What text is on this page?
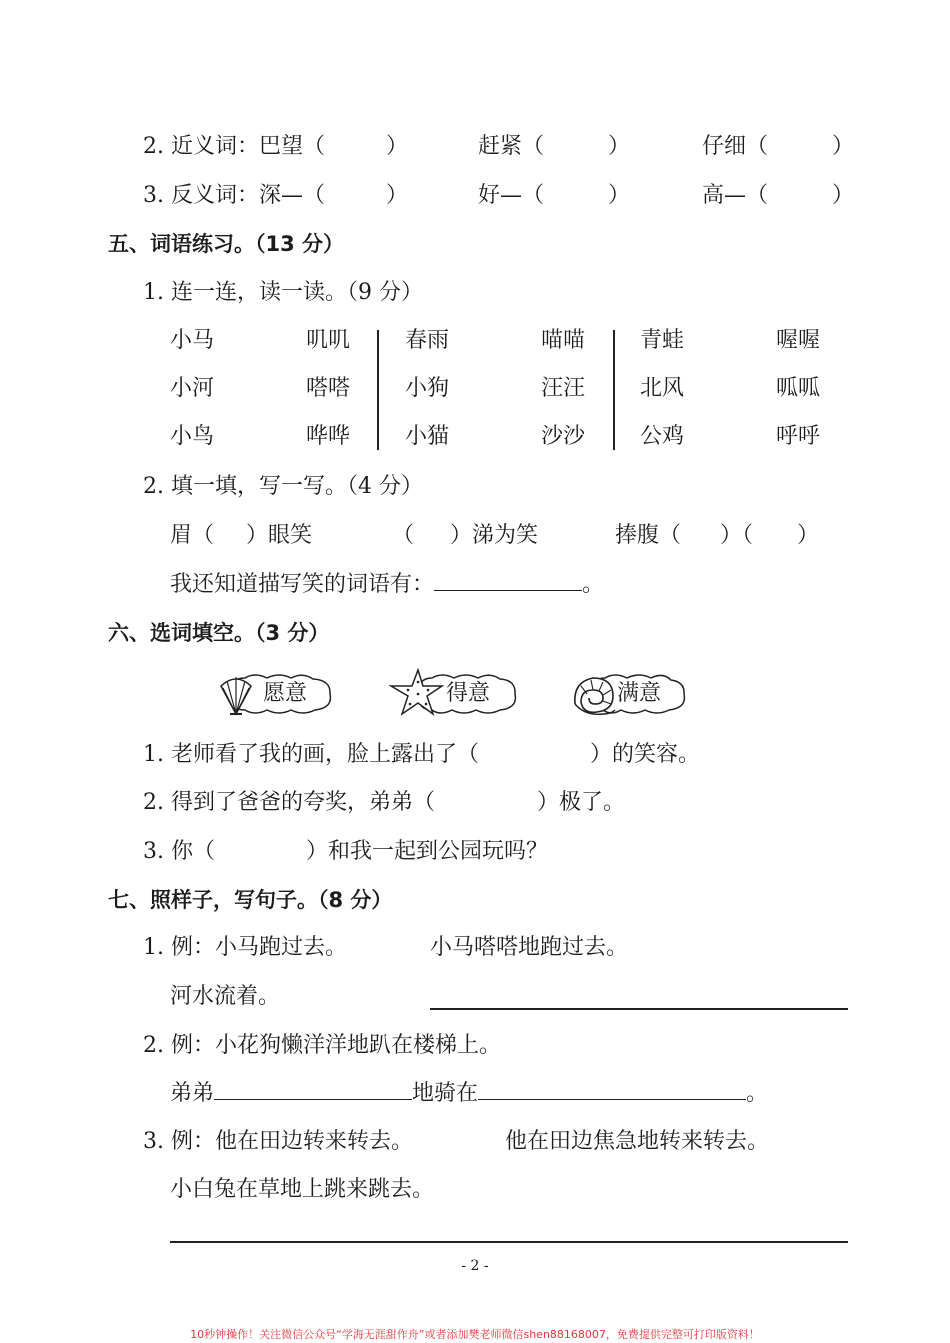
2. 近义词：巴望（	）	赶紧（	）	仔细（	）
3. 反义词：深—（	）	好—（	）	高—（	）
五、词语练习。（13 分）
1. 连一连，读一读。（9 分）
小马	叽叽 春雨	喵喵 青蛙	喔喔
小河	嗒嗒 小狗	汪汪 北风	呱呱
小鸟	哗哗 小猫	沙沙 公鸡	呼呼
2. 填一填，写一写。（4 分）
眉（ ）眼笑	（ ）涕为笑	捧腹（ ）（ ）
我还知道描写笑的词语有：	。
六、选词填空。（3 分）
愿意	得意	满意
1. 老师看了我的画，脸上露出了（	）的笑容。
2. 得到了爸爸的夸奖，弟弟（	）极了。
3. 你（	）和我一起到公园玩吗？
七、照样子，写句子。（8 分）
1. 例：小马跑过去。	小马嗒嗒地跑过去。
河水流着。
2. 例：小花狗懒洋洋地趴在楼梯上。
弟弟	地骑在	。
3. 例：他在田边转来转去。	他在田边焦急地转来转去。
小白兔在草地上跳来跳去。
- 2 -
10秒钟操作！关注微信公众号“学海无涯甜作舟”或者添加樊老师微信shen88168007，免费提供完整可打印版资料！
